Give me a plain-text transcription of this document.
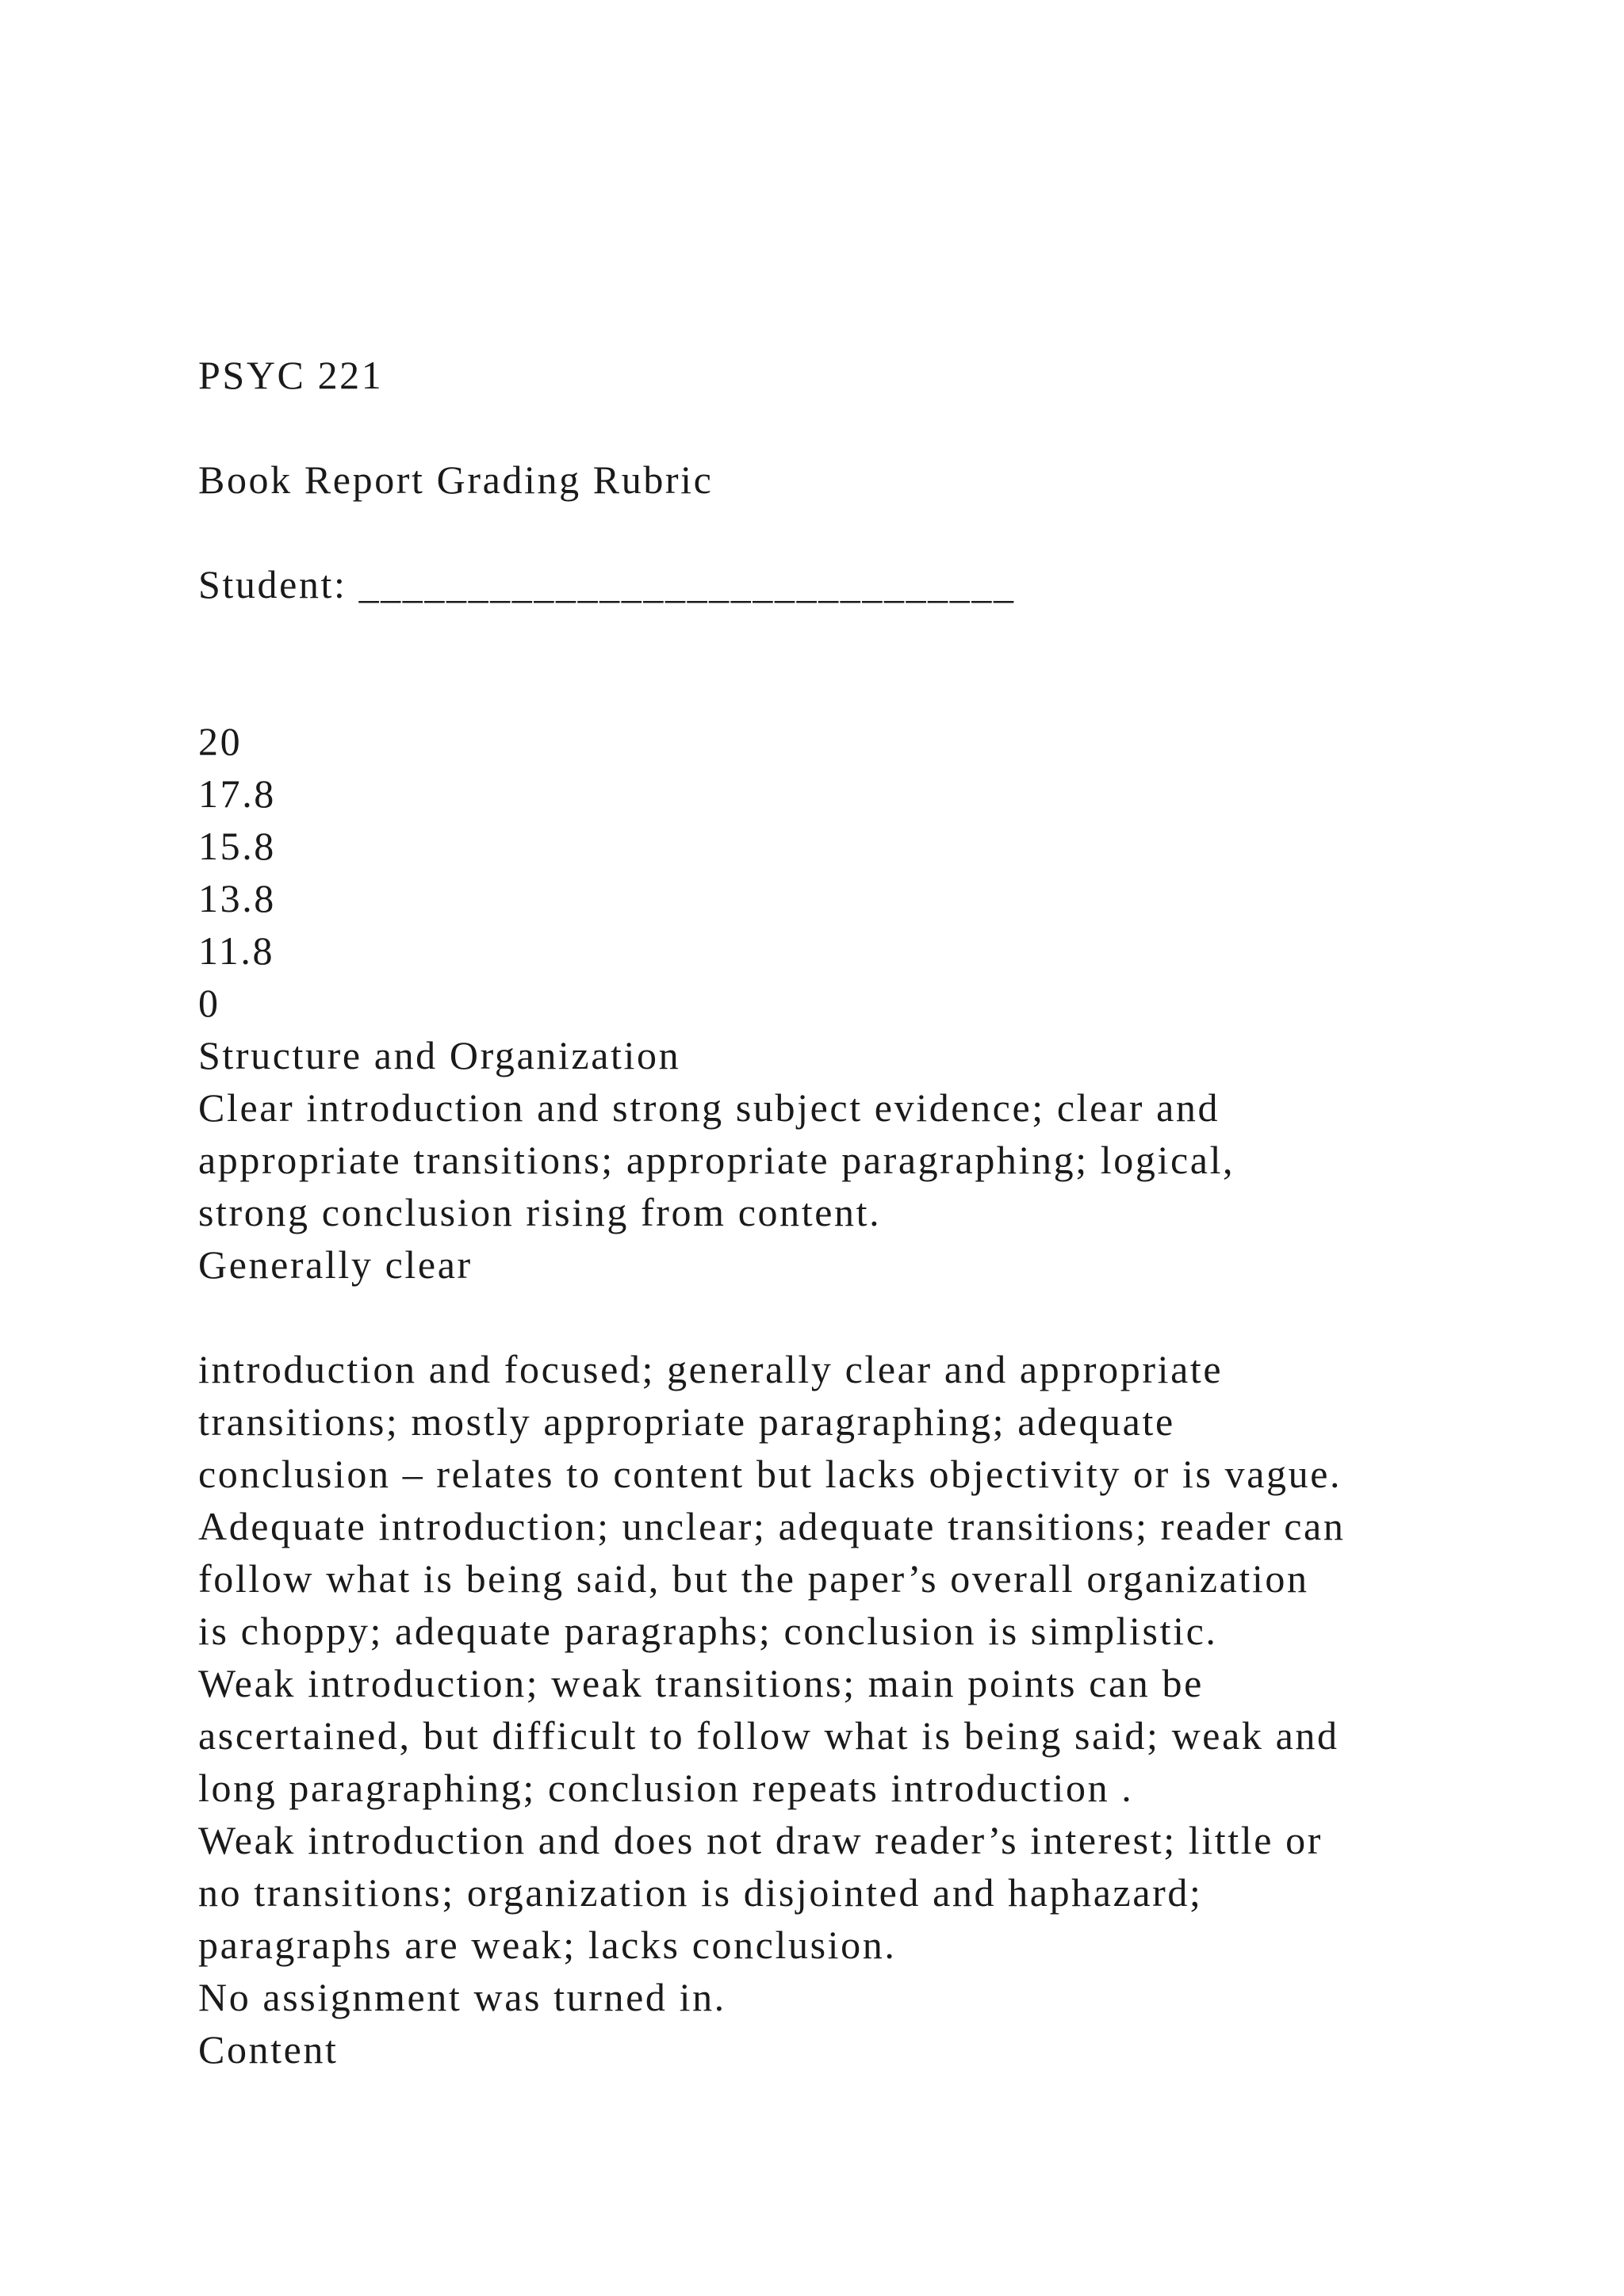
PSYC 221
Book Report Grading Rubric
Student: ______________________________
20
17.8
15.8
13.8
11.8
0
Structure and Organization
Clear introduction and strong subject evidence; clear and
appropriate transitions; appropriate paragraphing; logical,
strong conclusion rising from content.
Generally clear
introduction and focused; generally clear and appropriate
transitions; mostly appropriate paragraphing; adequate
conclusion – relates to content but lacks objectivity or is vague.
Adequate introduction; unclear; adequate transitions; reader can
follow what is being said, but the paper’s overall organization
is choppy; adequate paragraphs; conclusion is simplistic.
Weak introduction; weak transitions; main points can be
ascertained, but difficult to follow what is being said; weak and
long paragraphing; conclusion repeats introduction .
Weak introduction and does not draw reader’s interest; little or
no transitions; organization is disjointed and haphazard;
paragraphs are weak; lacks conclusion.
No assignment was turned in.
Content
